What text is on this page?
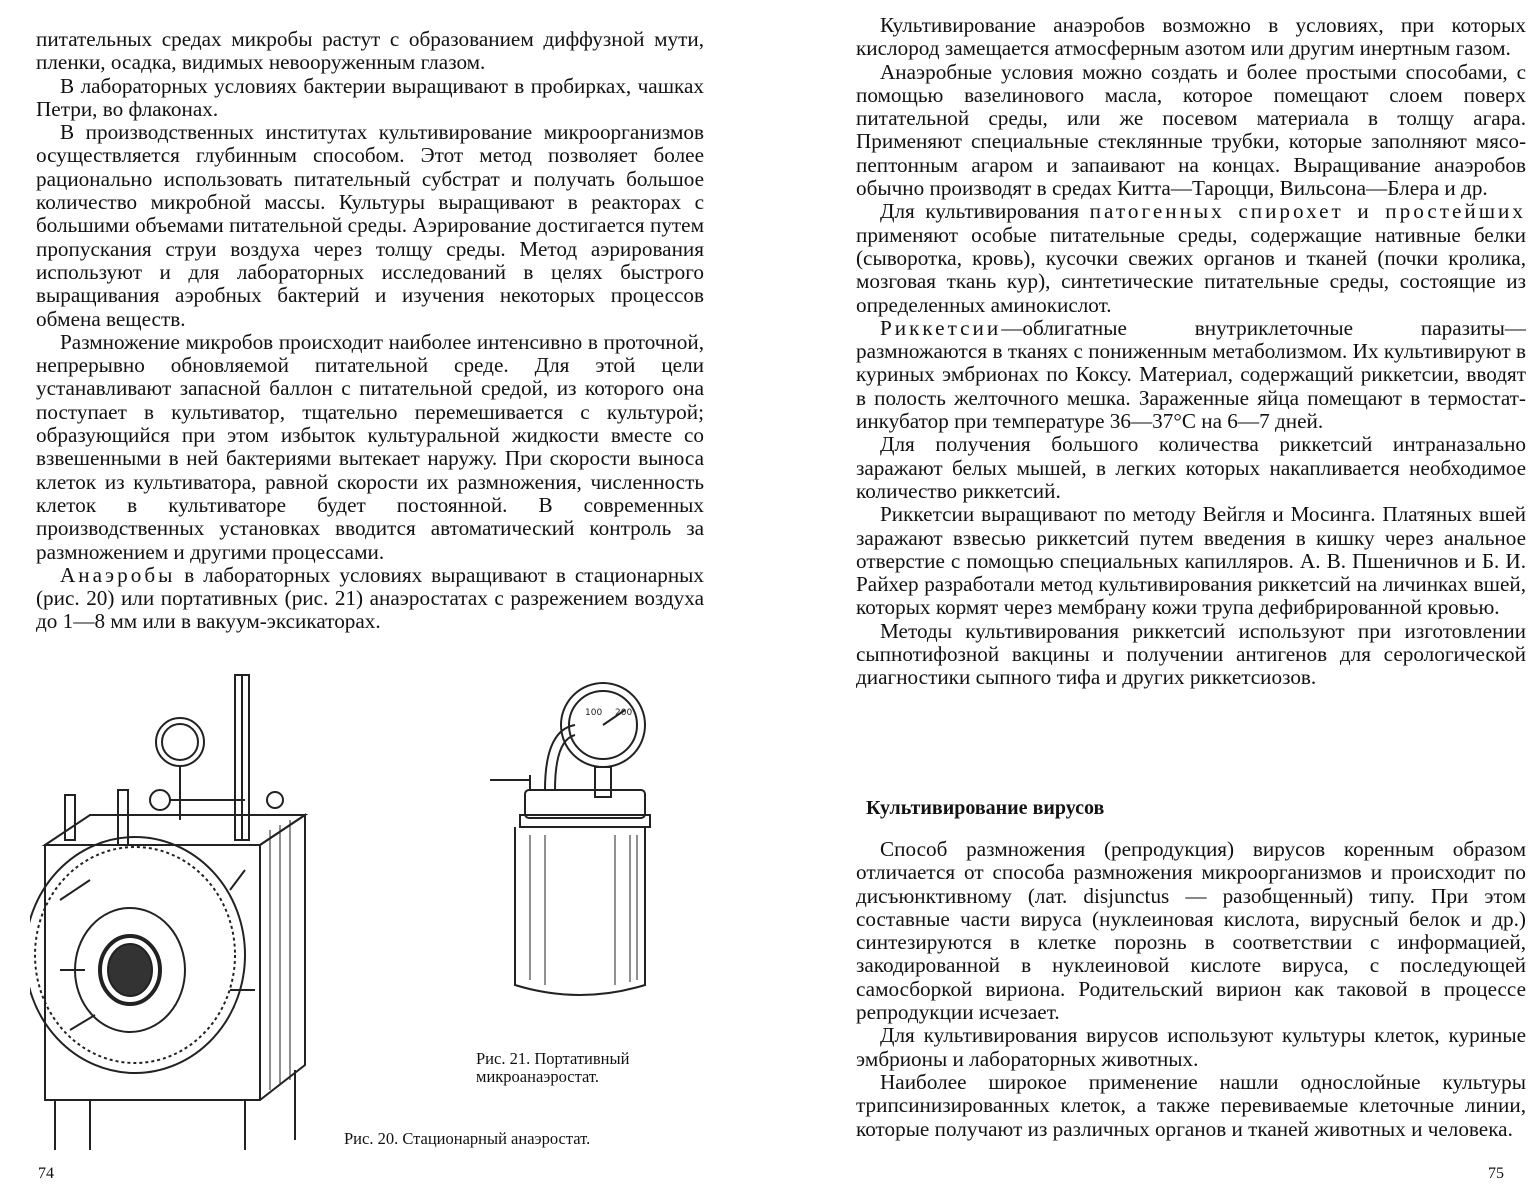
питательных средах микробы растут с образованием диффузной мути, пленки, осадка, видимых невооруженным глазом.

В лабораторных условиях бактерии выращивают в пробирках, чашках Петри, во флаконах.

В производственных институтах культивирование микроорганизмов осуществляется глубинным способом. Этот метод позволяет более рационально использовать питательный субстрат и получать большое количество микробной массы. Культуры выращивают в реакторах с большими объемами питательной среды. Аэрирование достигается путем пропускания струи воздуха через толщу среды. Метод аэрирования используют и для лабораторных исследований в целях быстрого выращивания аэробных бактерий и изучения некоторых процессов обмена веществ.

Размножение микробов происходит наиболее интенсивно в проточной, непрерывно обновляемой питательной среде. Для этой цели устанавливают запасной баллон с питательной средой, из которого она поступает в культиватор, тщательно перемешивается с культурой; образующийся при этом избыток культуральной жидкости вместе со взвешенными в ней бактериями вытекает наружу. При скорости выноса клеток из культиватора, равной скорости их размножения, численность клеток в культиваторе будет постоянной. В современных производственных установках вводится автоматический контроль за размножением и другими процессами.

Анаэробы в лабораторных условиях выращивают в стационарных (рис. 20) или портативных (рис. 21) анаэростатах с разрежением воздуха до 1—8 мм или в вакуум-эксикаторах.

100 200
Рис. 21. Портативный
микроанаэростат.
Рис. 20. Стационарный анаэростат.
74

Культивирование анаэробов возможно в условиях, при которых кислород замещается атмосферным азотом или другим инертным газом.

Анаэробные условия можно создать и более простыми способами, с помощью вазелинового масла, которое помещают слоем поверх питательной среды, или же посевом материала в толщу агара. Применяют специальные стеклянные трубки, которые заполняют мясо-пептонным агаром и запаивают на концах. Выращивание анаэробов обычно производят в средах Китта—Тароцци, Вильсона—Блера и др.

Для культивирования патогенных спирохет и простейших применяют особые питательные среды, содержащие нативные белки (сыворотка, кровь), кусочки свежих органов и тканей (почки кролика, мозговая ткань кур), синтетические питательные среды, состоящие из определенных аминокислот.

Риккетсии—облигатные внутриклеточные паразиты—размножаются в тканях с пониженным метаболизмом. Их культивируют в куриных эмбрионах по Коксу. Материал, содержащий риккетсии, вводят в полость желточного мешка. Зараженные яйца помещают в термостат-инкубатор при температуре 36—37°С на 6—7 дней.

Для получения большого количества риккетсий интраназально заражают белых мышей, в легких которых накапливается необходимое количество риккетсий.

Риккетсии выращивают по методу Вейгля и Мосинга. Платяных вшей заражают взвесью риккетсий путем введения в кишку через анальное отверстие с помощью специальных капилляров. А. В. Пшеничнов и Б. И. Райхер разработали метод культивирования риккетсий на личинках вшей, которых кормят через мембрану кожи трупа дефибрированной кровью.

Методы культивирования риккетсий используют при изготовлении сыпнотифозной вакцины и получении антигенов для серологической диагностики сыпного тифа и других риккетсиозов.

75
Культивирование вирусов

Способ размножения (репродукция) вирусов коренным образом отличается от способа размножения микроорганизмов и происходит по дисъюнктивному (лат. disjunctus — разобщенный) типу. При этом составные части вируса (нуклеиновая кислота, вирусный белок и др.) синтезируются в клетке порознь в соответствии с информацией, закодированной в нуклеиновой кислоте вируса, с последующей самосборкой вириона. Родительский вирион как таковой в процессе репродукции исчезает.

Для культивирования вирусов используют культуры клеток, куриные эмбрионы и лабораторных животных.

Наиболее широкое применение нашли однослойные культуры трипсинизированных клеток, а также перевиваемые клеточные линии, которые получают из различных органов и тканей животных и человека.
